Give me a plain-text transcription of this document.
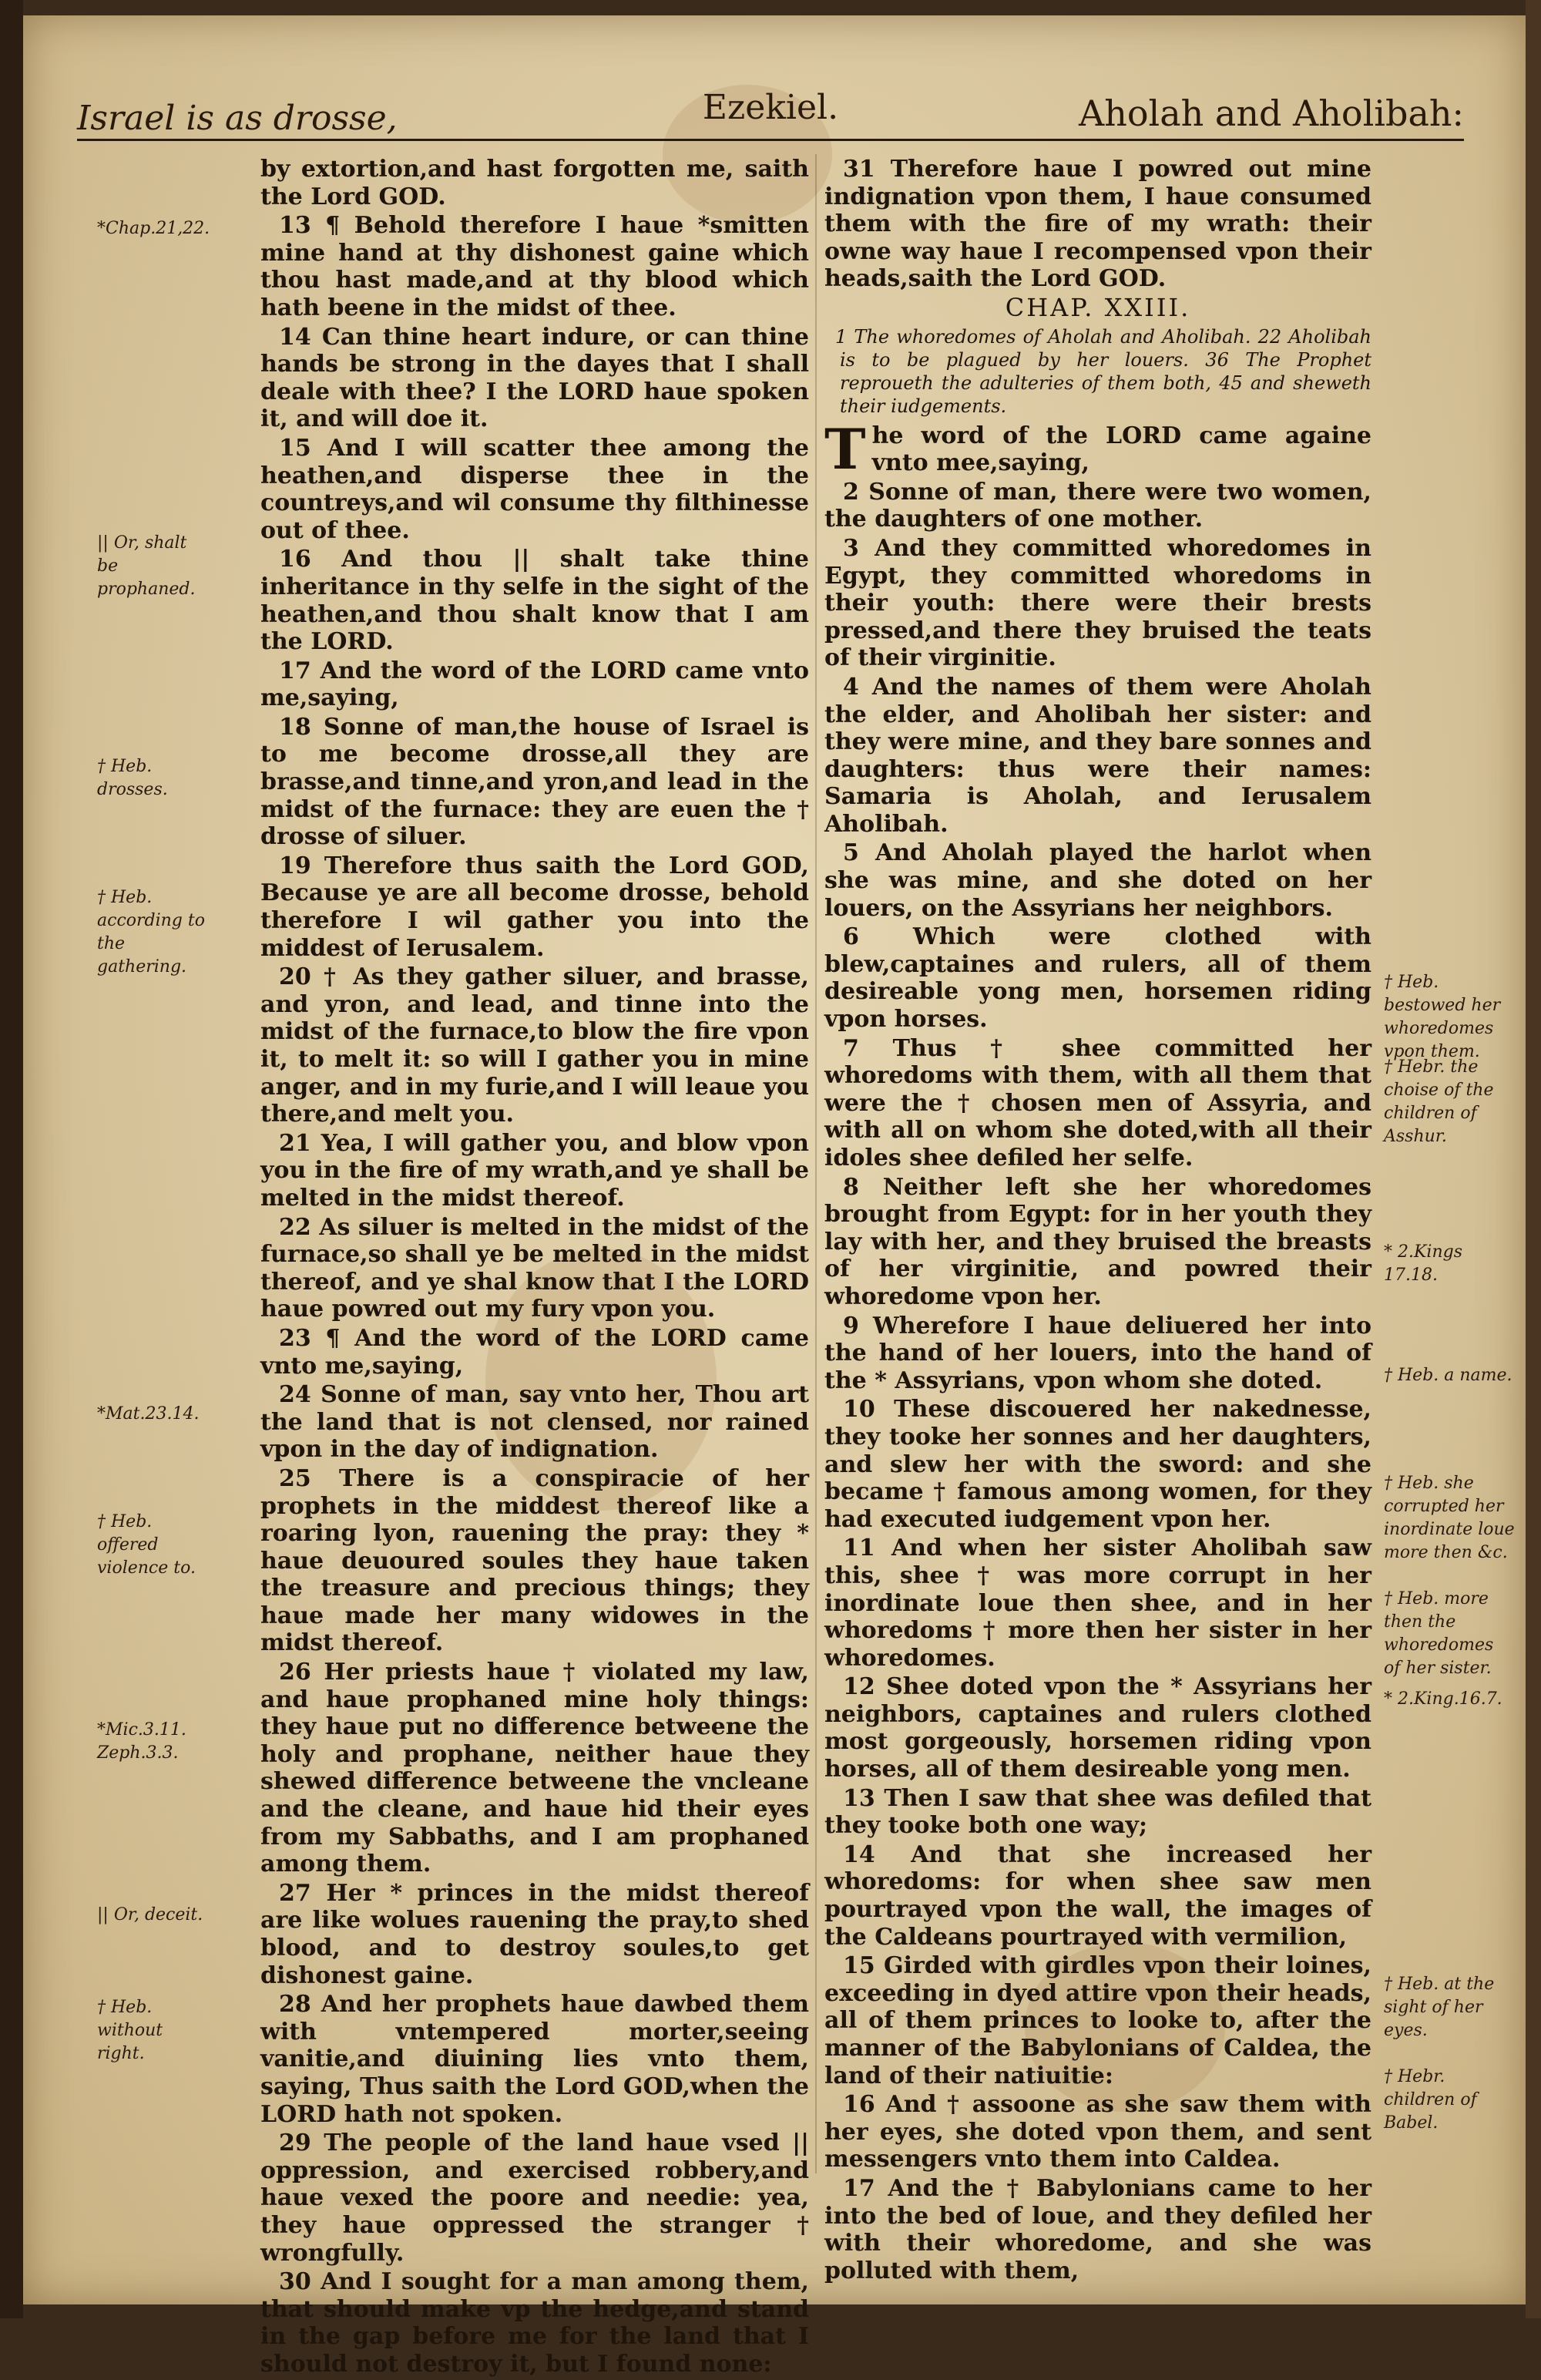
Israel is as drosse,	Ezekiel.	Aholah and Aholibah:

by extortion,and hast forgotten me, saith the Lord GOD.

13 ¶ Behold therefore I haue *smitten mine hand at thy dishonest gaine which thou hast made,and at thy blood which hath beene in the midst of thee.

14 Can thine heart indure, or can thine hands be strong in the dayes that I shall deale with thee? I the LORD haue spoken it, and will doe it.

15 And I will scatter thee among the heathen,and disperse thee in the countreys,and wil consume thy filthinesse out of thee.

16 And thou || shalt take thine inheritance in thy selfe in the sight of the heathen,and thou shalt know that I am the LORD.

17 And the word of the LORD came vnto me,saying,

18 Sonne of man,the house of Israel is to me become drosse,all they are brasse,and tinne,and yron,and lead in the midst of the furnace: they are euen the † drosse of siluer.

19 Therefore thus saith the Lord GOD, Because ye are all become drosse, behold therefore I wil gather you into the middest of Ierusalem.

20 † As they gather siluer, and brasse, and yron, and lead, and tinne into the midst of the furnace,to blow the fire vpon it, to melt it: so will I gather you in mine anger, and in my furie,and I will leaue you there,and melt you.

21 Yea, I will gather you, and blow vpon you in the fire of my wrath,and ye shall be melted in the midst thereof.

22 As siluer is melted in the midst of the furnace,so shall ye be melted in the midst thereof, and ye shal know that I the LORD haue powred out my fury vpon you.

23 ¶ And the word of the LORD came vnto me,saying,

24 Sonne of man, say vnto her, Thou art the land that is not clensed, nor rained vpon in the day of indignation.

25 There is a conspiracie of her prophets in the middest thereof like a roaring lyon, rauening the pray: they * haue deuoured soules they haue taken the treasure and precious things; they haue made her many widowes in the midst thereof.

26 Her priests haue † violated my law, and haue prophaned mine holy things: they haue put no difference betweene the holy and prophane, neither haue they shewed difference betweene the vncleane and the cleane, and haue hid their eyes from my Sabbaths, and I am prophaned among them.

27 Her * princes in the midst thereof are like wolues rauening the pray,to shed blood, and to destroy soules,to get dishonest gaine.

28 And her prophets haue dawbed them with vntempered morter,seeing vanitie,and diuining lies vnto them, saying, Thus saith the Lord GOD,when the LORD hath not spoken.

29 The people of the land haue vsed || oppression, and exercised robbery,and haue vexed the poore and needie: yea, they haue oppressed the stranger † wrongfully.

30 And I sought for a man among them, that should make vp the hedge,and stand in the gap before me for the land that I should not destroy it, but I found none:

31 Therefore haue I powred out mine indignation vpon them, I haue consumed them with the fire of my wrath: their owne way haue I recompensed vpon their heads,saith the Lord GOD.

CHAP. XXIII.
1 The whoredomes of Aholah and Aholibah. 22 Aholibah is to be plagued by her louers. 36 The Prophet reproueth the adulteries of them both, 45 and sheweth their iudgements.

The word of the LORD came againe vnto mee,saying,

2 Sonne of man, there were two women, the daughters of one mother.

3 And they committed whoredomes in Egypt, they committed whoredoms in their youth: there were their brests pressed,and there they bruised the teats of their virginitie.

4 And the names of them were Aholah the elder, and Aholibah her sister: and they were mine, and they bare sonnes and daughters: thus were their names: Samaria is Aholah, and Ierusalem Aholibah.

5 And Aholah played the harlot when she was mine, and she doted on her louers, on the Assyrians her neighbors.

6 Which were clothed with blew,captaines and rulers, all of them desireable yong men, horsemen riding vpon horses.

7 Thus † shee committed her whoredoms with them, with all them that were the † chosen men of Assyria, and with all on whom she doted,with all their idoles shee defiled her selfe.

8 Neither left she her whoredomes brought from Egypt: for in her youth they lay with her, and they bruised the breasts of her virginitie, and powred their whoredome vpon her.

9 Wherefore I haue deliuered her into the hand of her louers, into the hand of the * Assyrians, vpon whom she doted.

10 These discouered her nakednesse, they tooke her sonnes and her daughters, and slew her with the sword: and she became † famous among women, for they had executed iudgement vpon her.

11 And when her sister Aholibah saw this, shee † was more corrupt in her inordinate loue then shee, and in her whoredoms † more then her sister in her whoredomes.

12 Shee doted vpon the * Assyrians her neighbors, captaines and rulers clothed most gorgeously, horsemen riding vpon horses, all of them desireable yong men.

13 Then I saw that shee was defiled that they tooke both one way;

14 And that she increased her whoredoms: for when shee saw men pourtrayed vpon the wall, the images of the Caldeans pourtrayed with vermilion,

15 Girded with girdles vpon their loines, exceeding in dyed attire vpon their heads, all of them princes to looke to, after the manner of the Babylonians of Caldea, the land of their natiuitie:

16 And † assoone as she saw them with her eyes, she doted vpon them, and sent messengers vnto them into Caldea.

17 And the † Babylonians came to her into the bed of loue, and they defiled her with their whoredome, and she was polluted with them,

*Chap.21,22.
|| Or, shalt be prophaned.
† Heb. drosses.
† Heb. according to the gathering.
*Mat.23.14.
† Heb. offered violence to.
*Mic.3.11. Zeph.3.3.
|| Or, deceit.
† Heb. without right.
† Heb. bestowed her whoredomes vpon them.
† Hebr. the choise of the children of Asshur.
* 2.Kings 17.18.
† Heb. a name.
† Heb. she corrupted her inordinate loue more then &c.
† Heb. more then the whoredomes of her sister.
* 2.King.16.7.
† Heb. at the sight of her eyes.
† Hebr. children of Babel.
